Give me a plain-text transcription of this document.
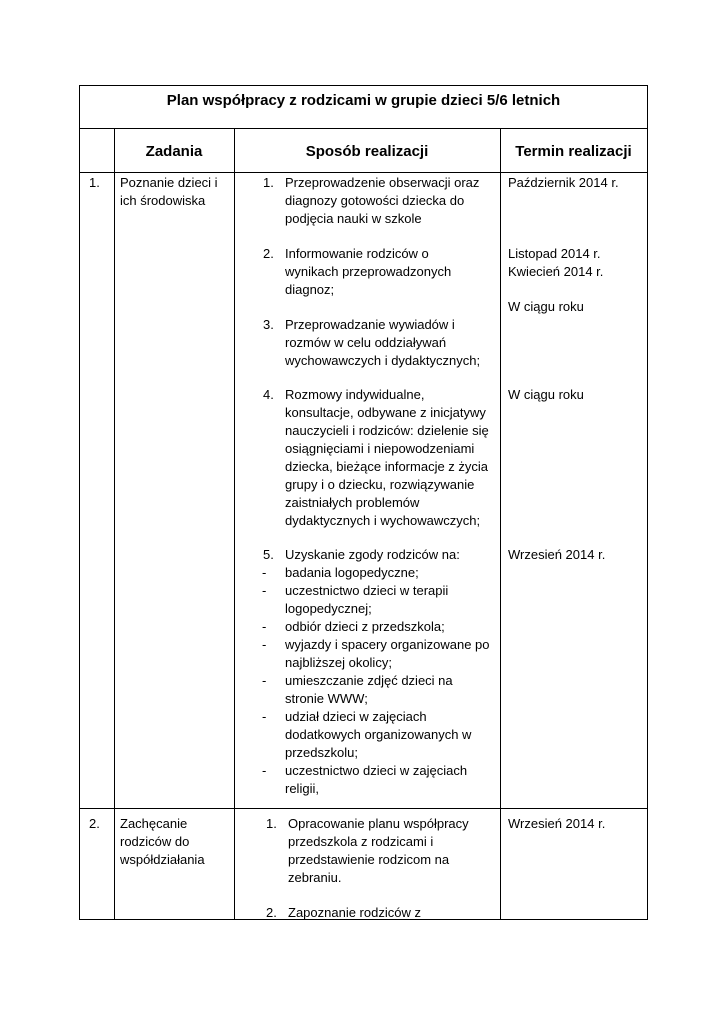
Plan współpracy z rodzicami w grupie dzieci 5/6 letnich
Zadania	Sposób realizacji	Termin realizacji
1. Poznanie dzieci i
ich środowiska
1. Przeprowadzenie obserwacji oraz
diagnozy gotowości dziecka do
podjęcia nauki w szkole
2. Informowanie rodziców o
wynikach przeprowadzonych
diagnoz;
3. Przeprowadzanie wywiadów i
rozmów w celu oddziaływań
wychowawczych i dydaktycznych;
4. Rozmowy indywidualne,
konsultacje, odbywane z inicjatywy
nauczycieli i rodziców: dzielenie się
osiągnięciami i niepowodzeniami
dziecka, bieżące informacje z życia
grupy i o dziecku, rozwiązywanie
zaistniałych problemów
dydaktycznych i wychowawczych;
5. Uzyskanie zgody rodziców na:
- badania logopedyczne;
- uczestnictwo dzieci w terapii
logopedycznej;
- odbiór dzieci z przedszkola;
- wyjazdy i spacery organizowane po
najbliższej okolicy;
- umieszczanie zdjęć dzieci na
stronie WWW;
- udział dzieci w zajęciach
dodatkowych organizowanych w
przedszkolu;
- uczestnictwo dzieci w zajęciach
religii,
Październik 2014 r.
Listopad 2014 r.
Kwiecień 2014 r.
W ciągu roku
W ciągu roku
Wrzesień 2014 r.
2. Zachęcanie
rodziców do
współdziałania
1. Opracowanie planu współpracy
przedszkola z rodzicami i
przedstawienie rodzicom na
zebraniu.
2. Zapoznanie rodziców z
Wrzesień 2014 r.
